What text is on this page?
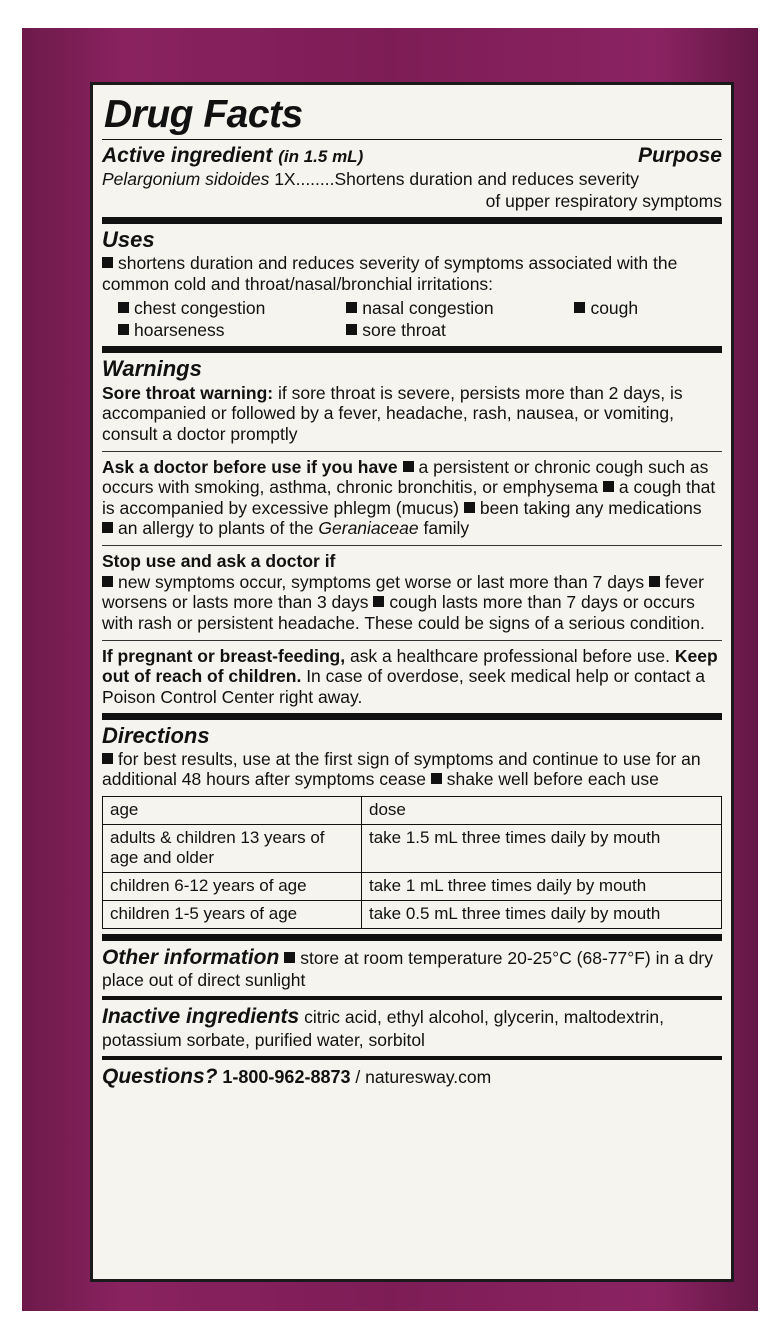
Drug Facts
Active ingredient (in 1.5 mL)	Purpose
Pelargonium sidoides 1X........Shortens duration and reduces severity
of upper respiratory symptoms
Uses
shortens duration and reduces severity of symptoms associated with the common cold and throat/nasal/bronchial irritations:
chest congestion	nasal congestion	cough
hoarseness	sore throat
Warnings
Sore throat warning: if sore throat is severe, persists more than 2 days, is accompanied or followed by a fever, headache, rash, nausea, or vomiting, consult a doctor promptly
Ask a doctor before use if you have a persistent or chronic cough such as occurs with smoking, asthma, chronic bronchitis, or emphysema a cough that is accompanied by excessive phlegm (mucus) been taking any medications an allergy to plants of the Geraniaceae family
Stop use and ask a doctor if
new symptoms occur, symptoms get worse or last more than 7 days fever worsens or lasts more than 3 days cough lasts more than 7 days or occurs with rash or persistent headache. These could be signs of a serious condition.
If pregnant or breast-feeding, ask a healthcare professional before use. Keep out of reach of children. In case of overdose, seek medical help or contact a Poison Control Center right away.
Directions
for best results, use at the first sign of symptoms and continue to use for an additional 48 hours after symptoms cease shake well before each use
age	dose
adults & children 13 years of age and older	take 1.5 mL three times daily by mouth
children 6-12 years of age	take 1 mL three times daily by mouth
children 1-5 years of age	take 0.5 mL three times daily by mouth
Other information store at room temperature 20-25°C (68-77°F) in a dry place out of direct sunlight
Inactive ingredients citric acid, ethyl alcohol, glycerin, maltodextrin, potassium sorbate, purified water, sorbitol
Questions? 1-800-962-8873 / naturesway.com
